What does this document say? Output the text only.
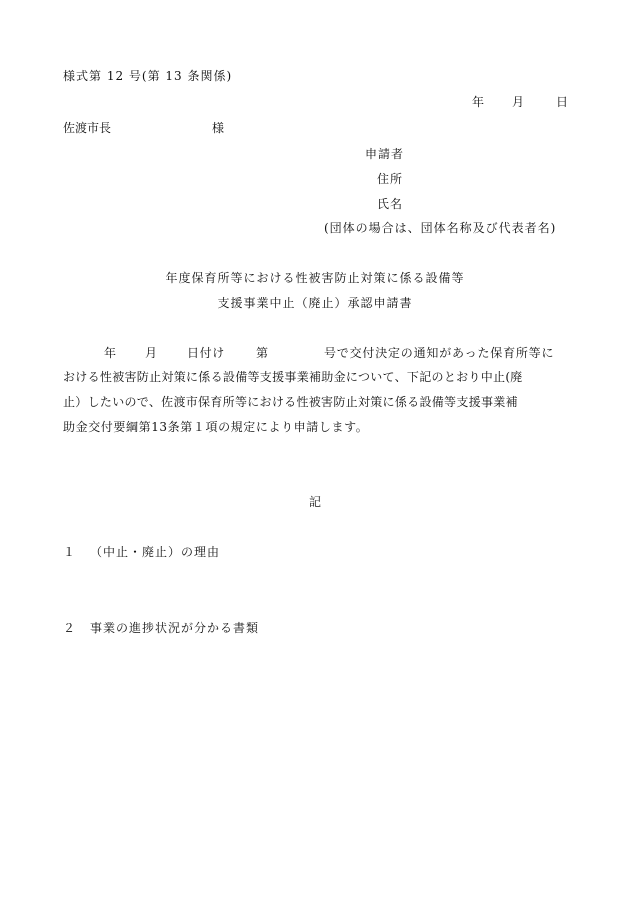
様式第 12 号(第 13 条関係)
年 月	日
佐渡市長	様
申請者
住所
氏名
(団体の場合は、団体名称及び代表者名)
年度保育所等における性被害防止対策に係る設備等
支援事業中止（廃止）承認申請書
年 月 日付け	第	号で交付決定の通知があった保育所等に
おける性被害防止対策に係る設備等支援事業補助金について、下記のとおり中止(廃
止）したいので、佐渡市保育所等における性被害防止対策に係る設備等支援事業補
助金交付要綱第13条第１項の規定により申請します。
記
１ （中止・廃止）の理由
２ 事業の進捗状況が分かる書類
